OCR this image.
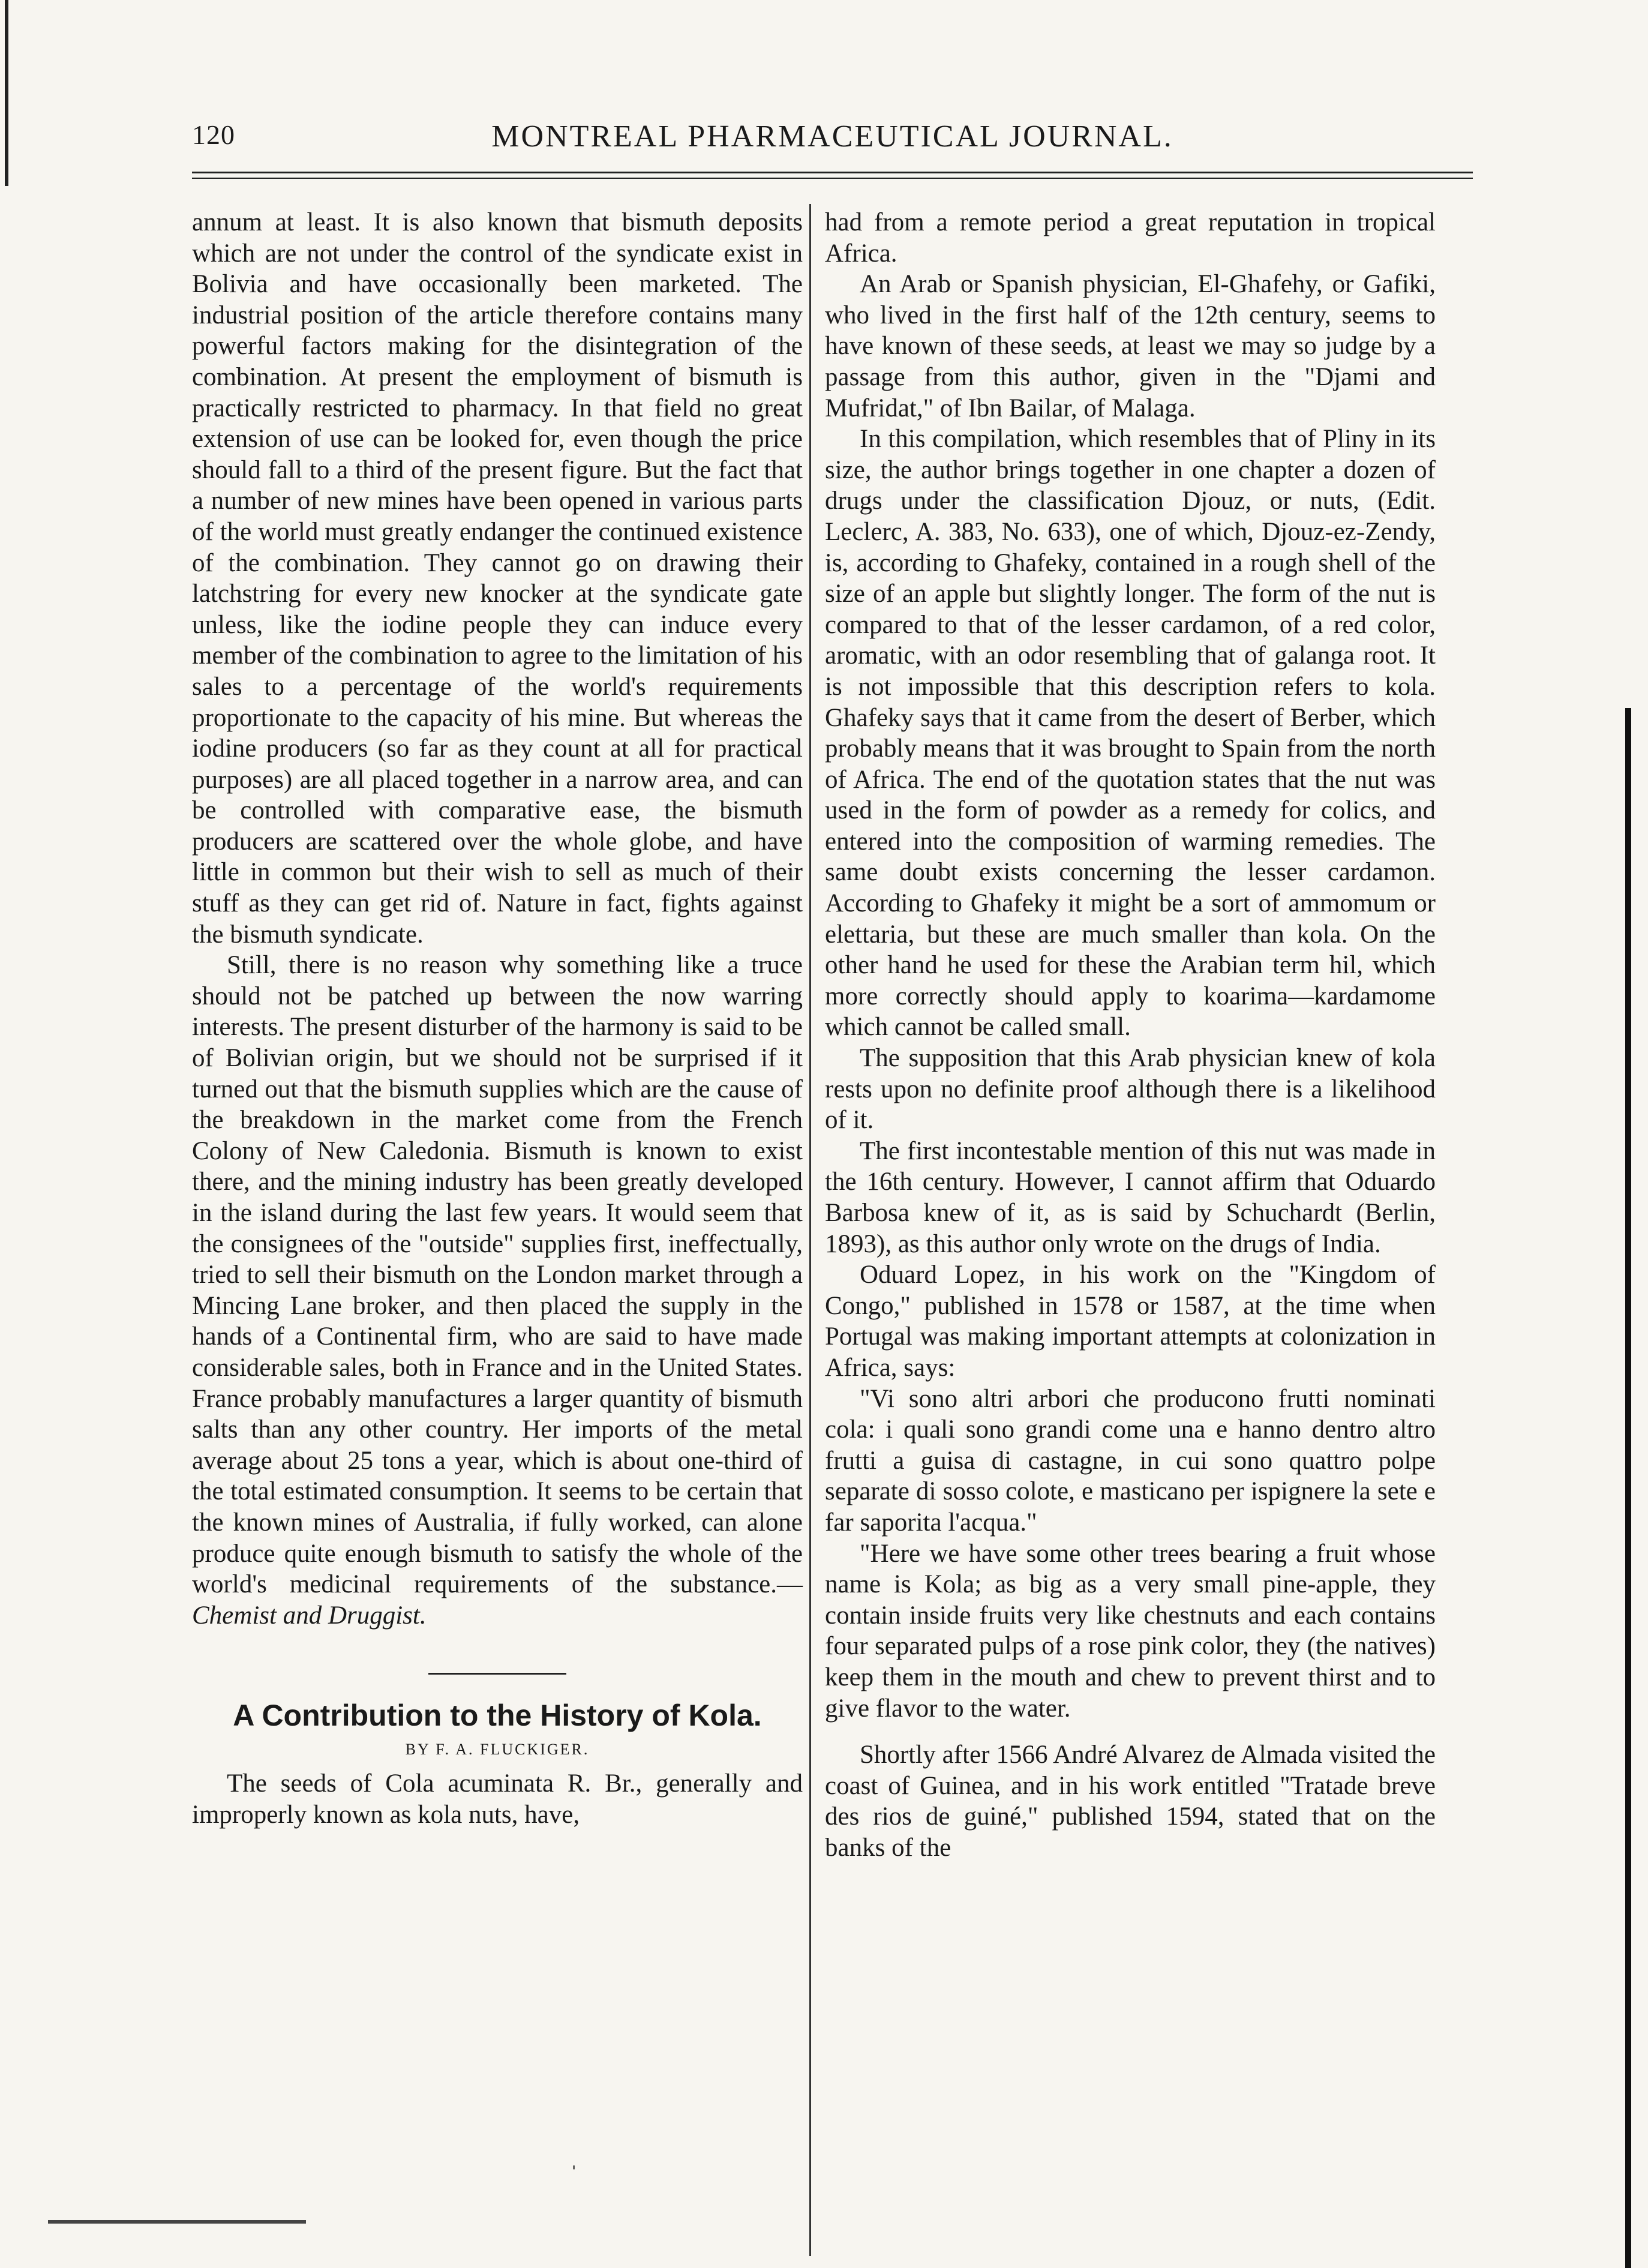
120	MONTREAL PHARMACEUTICAL JOURNAL.

annum at least. It is also known that bismuth deposits which are not under the control of the syndicate exist in Bolivia and have occasionally been marketed. The industrial position of the article therefore contains many powerful factors making for the disintegration of the combination. At present the employment of bismuth is practically restricted to pharmacy. In that field no great extension of use can be looked for, even though the price should fall to a third of the present figure. But the fact that a number of new mines have been opened in various parts of the world must greatly endanger the continued existence of the combination. They cannot go on drawing their latchstring for every new knocker at the syndicate gate unless, like the iodine people they can induce every member of the combination to agree to the limitation of his sales to a percentage of the world's requirements proportionate to the capacity of his mine. But whereas the iodine producers (so far as they count at all for practical purposes) are all placed together in a narrow area, and can be controlled with comparative ease, the bismuth producers are scattered over the whole globe, and have little in common but their wish to sell as much of their stuff as they can get rid of. Nature in fact, fights against the bismuth syndicate.

Still, there is no reason why something like a truce should not be patched up between the now warring interests. The present disturber of the harmony is said to be of Bolivian origin, but we should not be surprised if it turned out that the bismuth supplies which are the cause of the breakdown in the market come from the French Colony of New Caledonia. Bismuth is known to exist there, and the mining industry has been greatly developed in the island during the last few years. It would seem that the consignees of the "outside" supplies first, ineffectually, tried to sell their bismuth on the London market through a Mincing Lane broker, and then placed the supply in the hands of a Continental firm, who are said to have made considerable sales, both in France and in the United States. France probably manufactures a larger quantity of bismuth salts than any other country. Her imports of the metal average about 25 tons a year, which is about one-third of the total estimated consumption. It seems to be certain that the known mines of Australia, if fully worked, can alone produce quite enough bismuth to satisfy the whole of the world's medicinal requirements of the substance.—Chemist and Druggist.

A Contribution to the History of Kola.
BY F. A. FLUCKIGER.

The seeds of Cola acuminata R. Br., generally and improperly known as kola nuts, have,

had from a remote period a great reputation in tropical Africa.

An Arab or Spanish physician, El-Ghafehy, or Gafiki, who lived in the first half of the 12th century, seems to have known of these seeds, at least we may so judge by a passage from this author, given in the "Djami and Mufridat," of Ibn Bailar, of Malaga.

In this compilation, which resembles that of Pliny in its size, the author brings together in one chapter a dozen of drugs under the classification Djouz, or nuts, (Edit. Leclerc, A. 383, No. 633), one of which, Djouz-ez-Zendy, is, according to Ghafeky, contained in a rough shell of the size of an apple but slightly longer. The form of the nut is compared to that of the lesser cardamon, of a red color, aromatic, with an odor resembling that of galanga root. It is not impossible that this description refers to kola. Ghafeky says that it came from the desert of Berber, which probably means that it was brought to Spain from the north of Africa. The end of the quotation states that the nut was used in the form of powder as a remedy for colics, and entered into the composition of warming remedies. The same doubt exists concerning the lesser cardamon. According to Ghafeky it might be a sort of ammomum or elettaria, but these are much smaller than kola. On the other hand he used for these the Arabian term hil, which more correctly should apply to koarima—kardamome which cannot be called small.

The supposition that this Arab physician knew of kola rests upon no definite proof although there is a likelihood of it.

The first incontestable mention of this nut was made in the 16th century. However, I cannot affirm that Oduardo Barbosa knew of it, as is said by Schuchardt (Berlin, 1893), as this author only wrote on the drugs of India.

Oduard Lopez, in his work on the "Kingdom of Congo," published in 1578 or 1587, at the time when Portugal was making important attempts at colonization in Africa, says:

"Vi sono altri arbori che producono frutti nominati cola: i quali sono grandi come una e hanno dentro altro frutti a guisa di castagne, in cui sono quattro polpe separate di sosso colote, e masticano per ispignere la sete e far saporita l'acqua."

"Here we have some other trees bearing a fruit whose name is Kola; as big as a very small pine-apple, they contain inside fruits very like chestnuts and each contains four separated pulps of a rose pink color, they (the natives) keep them in the mouth and chew to prevent thirst and to give flavor to the water.

Shortly after 1566 André Alvarez de Almada visited the coast of Guinea, and in his work entitled "Tratade breve des rios de guiné," published 1594, stated that on the banks of the

ˈ
